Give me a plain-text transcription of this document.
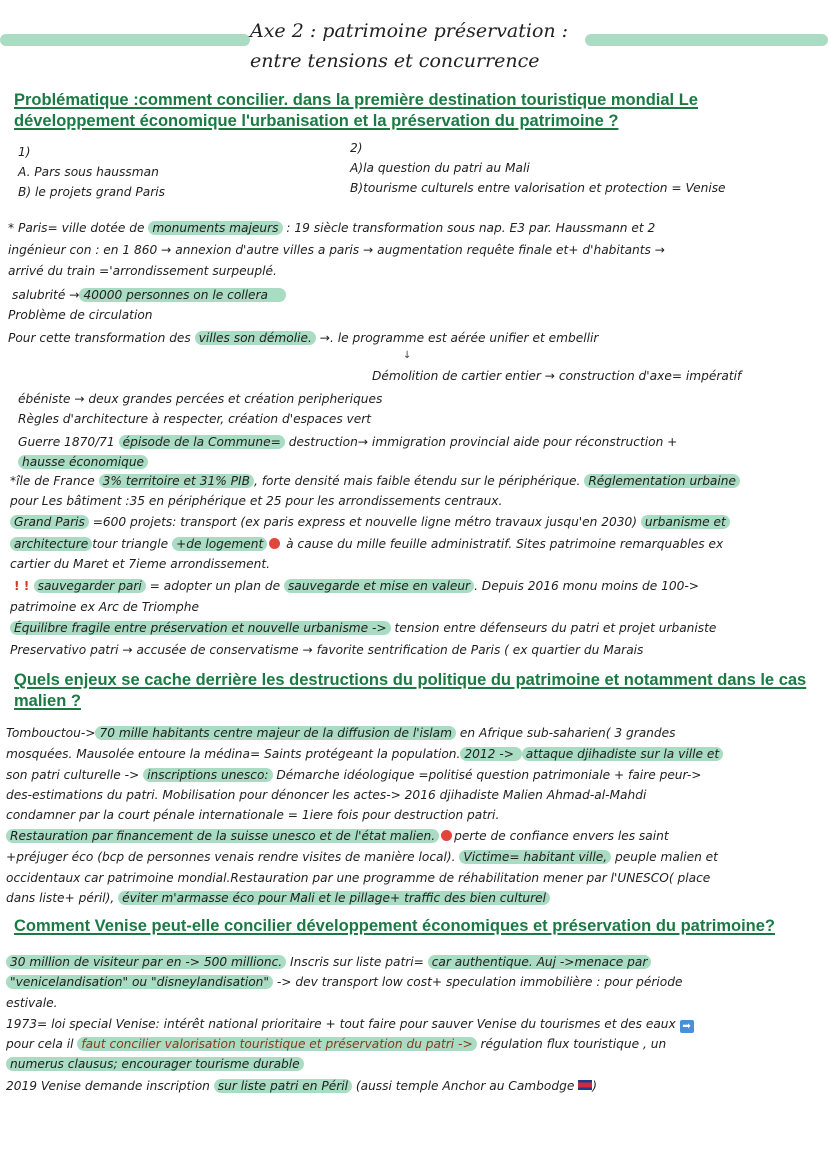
Axe 2 : patrimoine préservation :
entre tensions et concurrence
Problématique :comment concilier. dans la première destination touristique mondial Le développement économique l'urbanisation et la préservation du patrimoine ?
1)
A. Pars sous haussman
B) le projets grand Paris
2)
A)la question du patri au Mali
B)tourisme culturels entre valorisation et protection = Venise
* Paris= ville dotée de monuments majeurs : 19 siècle transformation sous nap. E3 par. Haussmann et 2
ingénieur con : en 1 860 → annexion d'autre villes a paris → augmentation requête finale et+ d'habitants →
arrivé du train ='arrondissement surpeuplé.
salubrité → 40000 personnes on le collera
Problème de circulation
Pour cette transformation des villes son démolie. →. le programme est aérée unifier et embellir
↓
Démolition de cartier entier → construction d'axe= impératif
ébéniste → deux grandes percées et création peripheriques
Règles d'architecture à respecter, création d'espaces vert
Guerre 1870/71 épisode de la Commune= destruction→ immigration provincial aide pour réconstruction +
hausse économique
*île de France 3% territoire et 31% PIB , forte densité mais faible étendu sur le périphérique. Réglementation urbaine
pour Les bâtiment :35 en périphérique et 25 pour les arrondissements centraux.
Grand Paris =600 projets: transport (ex paris express et nouvelle ligne métro travaux jusqu'en 2030) urbanisme et
architecture tour triangle +de logement à cause du mille feuille administratif. Sites patrimoine remarquables ex
cartier du Maret et 7ieme arrondissement.
! ! sauvegarder pari = adopter un plan de sauvegarde et mise en valeur . Depuis 2016 monu moins de 100->
patrimoine ex Arc de Triomphe
Équilibre fragile entre préservation et nouvelle urbanisme -> tension entre défenseurs du patri et projet urbaniste
Preservativo patri → accusée de conservatisme → favorite sentrification de Paris ( ex quartier du Marais
Quels enjeux se cache derrière les destructions du politique du patrimoine et notamment dans le cas malien ?
Tombouctou-> 70 mille habitants centre majeur de la diffusion de l'islam en Afrique sub-saharien( 3 grandes
mosquées. Mausolée entoure la médina= Saints protégeant la population. 2012 -> attaque djihadiste sur la ville et
son patri culturelle -> inscriptions unesco: Démarche idéologique =politisé question patrimoniale + faire peur->
des-estimations du patri. Mobilisation pour dénoncer les actes-> 2016 djihadiste Malien Ahmad-al-Mahdi
condamner par la court pénale internationale = 1iere fois pour destruction patri.
Restauration par financement de la suisse unesco et de l'état malien. perte de confiance envers les saint
+préjuger éco (bcp de personnes venais rendre visites de manière local). Victime= habitant ville, peuple malien et
occidentaux car patrimoine mondial.Restauration par une programme de réhabilitation mener par l'UNESCO( place
dans liste+ péril), éviter m'armasse éco pour Mali et le pillage+ traffic des bien culturel
Comment Venise peut-elle concilier développement économiques et préservation du patrimoine?
30 million de visiteur par en -> 500 millionc. Inscris sur liste patri= car authentique. Auj ->menace par
"venicelandisation" ou "disneylandisation" -> dev transport low cost+ speculation immobilière : pour période
estivale.
1973= loi special Venise: intérêt national prioritaire + tout faire pour sauver Venise du tourismes et des eaux ➡
pour cela il faut concilier valorisation touristique et préservation du patri -> régulation flux touristique , un
numerus clausus; encourager tourisme durable
2019 Venise demande inscription sur liste patri en Péril (aussi temple Anchor au Cambodge )
